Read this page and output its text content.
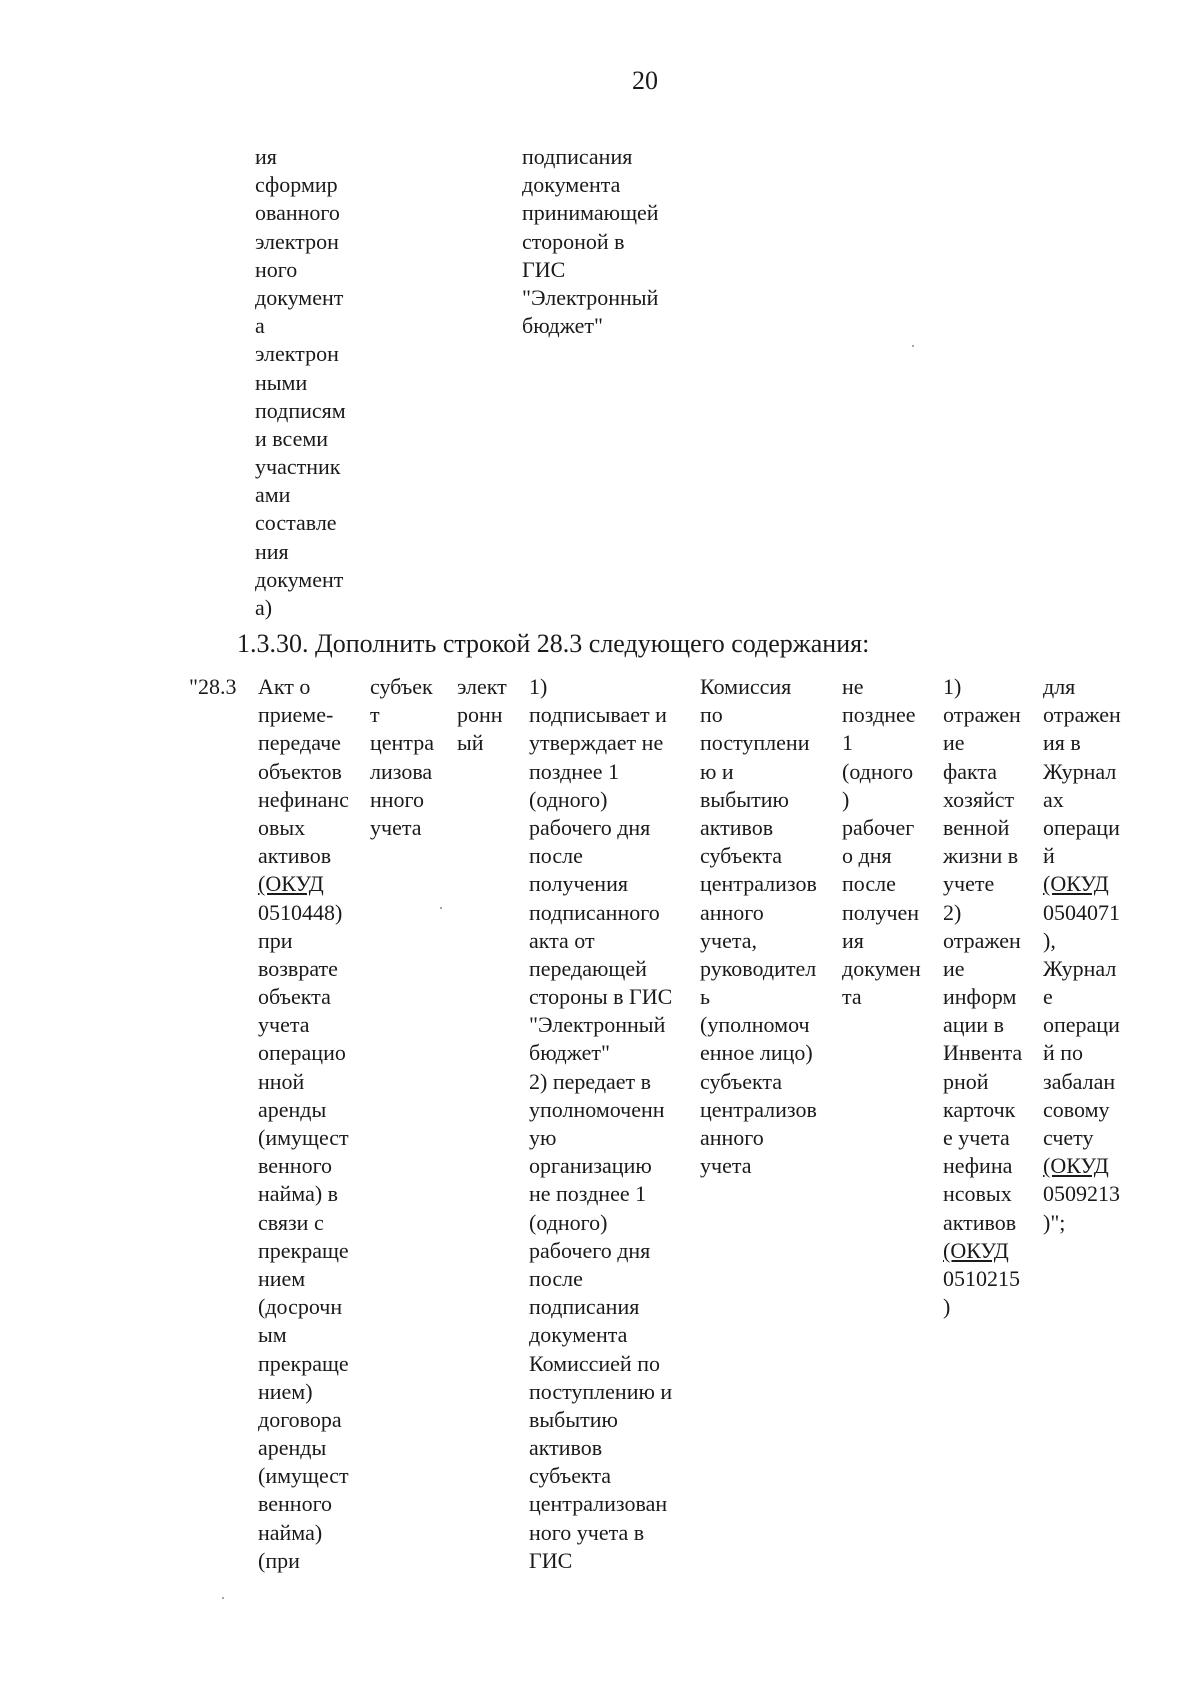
20
ия
сформир
ованного
электрон
ного
документ
а
электрон
ными
подписям
и всеми
участник
ами
составле
ния
документ
а)
подписания
документа
принимающей
стороной в
ГИС
"Электронный
бюджет"
1.3.30. Дополнить строкой 28.3 следующего содержания:
"28.3 Акт о
приеме-
передаче
объектов
нефинанс
овых
активов
(ОКУД
0510448)
при
возврате
объекта
учета
операцио
нной
аренды
(имущест
венного
найма) в
связи с
прекраще
нием
(досрочн
ым
прекраще
нием)
договора
аренды
(имущест
венного
найма)
(при
субъек
т
центра
лизова
нного
учета
элект
ронн
ый
1)
подписывает и
утверждает не
позднее 1
(одного)
рабочего дня
после
получения
подписанного
акта от
передающей
стороны в ГИС
"Электронный
бюджет"
2) передает в
уполномоченн
ую
организацию
не позднее 1
(одного)
рабочего дня
после
подписания
документа
Комиссией по
поступлению и
выбытию
активов
субъекта
централизован
ного учета в
ГИС
Комиссия
по
поступлени
ю и
выбытию
активов
субъекта
централизов
анного
учета,
руководител
ь
(уполномоч
енное лицо)
субъекта
централизов
анного
учета
не
позднее
1
(одного
)
рабочег
о дня
после
получен
ия
докумен
та
1)
отражен
ие
факта
хозяйст
венной
жизни в
учете
2)
отражен
ие
информ
ации в
Инвента
рной
карточк
е учета
нефина
нсовых
активов
(ОКУД
0510215
)
для
отражен
ия в
Журнал
ах
операци
й
(ОКУД
0504071
),
Журнал
е
операци
й по
забалан
совому
счету
(ОКУД
0509213
)";
